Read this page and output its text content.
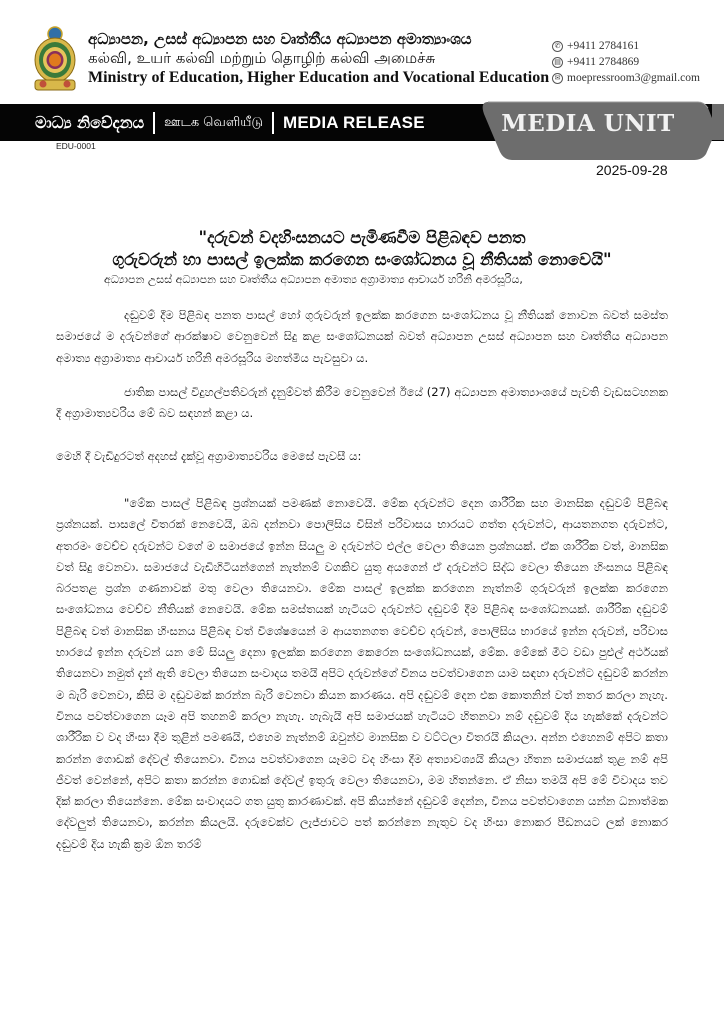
අධ්‍යාපන, උසස් අධ්‍යාපන සහ වෘත්තීය අධ්‍යාපන අමාත්‍යාංශය
கல்வி, உயர் கல்வி மற்றும் தொழிற் கல்வி அமைச்சு
Ministry of Education, Higher Education and Vocational Education
✆ +9411 2784161
▤ +9411 2784869
✉ moepressroom3@gmail.com
මාධ්‍ය නිවේදනය ஊடக வெளியீடு MEDIA RELEASE	MEDIA UNIT
EDU-0001
2025-09-28
"දරුවන් වදහිංසනයට පැමිණවීම පිළිබඳව පනත
ගුරුවරුන් හා පාසල් ඉලක්ක කරගෙන සංශෝධනය වූ නීතියක් නොවෙයි"
අධ්‍යාපන උසස් අධ්‍යාපන සහ වෘත්තීය අධ්‍යාපන අමාත්‍ය අග්‍රාමාත්‍ය ආචාර්ය හරිනි අමරසූරිය,
දඬුවම් දීම පිළිබඳ පනත පාසල් හෝ ගුරුවරුන් ඉලක්ක කරගෙන සංශෝධනය වූ නීතියක් නොවන බවත් සමස්ත සමාජයේ ම දරුවන්ගේ ආරක්ෂාව වෙනුවෙන් සිදු කළ සංශෝධනයක් බවත් අධ්‍යාපන උසස් අධ්‍යාපන සහ වෘත්තීය අධ්‍යාපන අමාත්‍ය අග්‍රාමාත්‍ය ආචාර්ය හරිනි අමරසූරිය මහත්මිය පැවසුවා ය.
ජාතික පාසල් විදුහල්පතිවරුන් දැනුම්වත් කිරීම වෙනුවෙන් ඊයේ (27) අධ්‍යාපන අමාත්‍යාංශයේ පැවති වැඩසටහනක දී අග්‍රාමාත්‍යවරිය මේ බව සඳහන් කළා ය.
මෙහි දී වැඩිදුරටත් අදහස් දැක්වූ අග්‍රාමාත්‍යවරිය මෙසේ පැවසී ය:
"මේක පාසල් පිළිබඳ ප්‍රශ්නයක් පමණක් නොවෙයි. මේක දරුවන්ට දෙන ශාරීරික සහ මානසික දඬුවම් පිළිබඳ ප්‍රශ්නයක්. පාසලේ විතරක් නෙවෙයි, ඔබ දන්නවා පොලිසිය විසින් පරිවාසය භාරයට ගත්ත දරුවන්ට, ආයතනගත දරුවන්ට, අතරමං වෙච්ච දරුවන්ට වගේ ම සමාජයේ ඉන්න සියලු ම දරුවන්ට එල්ල වෙලා තියෙන ප්‍රශ්නයක්. ඒක ශාරීරික වත්, මානසික වත් සිදු වෙනවා. සමාජයේ වැඩිහිටියන්ගෙන් නැත්නම් වගකිව යුතු අයගෙන් ඒ දරුවන්ට සිද්ධ වෙලා තියෙන හිංසනය පිළිබඳ බරපතළ ප්‍රශ්න ගණනාවක් මතු වෙලා තියෙනවා. මේක පාසල් ඉලක්ක කරගෙන නැත්නම් ගුරුවරුන් ඉලක්ක කරගෙන සංශෝධනය වෙච්ච නීතියක් නෙවෙයි. මේක සමස්තයක් හැටියට දරුවන්ට දඬුවම් දීම පිළිබඳ සංශෝධනයක්. ශාරීරික දඬුවම් පිළිබඳ වත් මානසික හිංසනය පිළිබඳ වත් විශේෂයෙන් ම ආයතනගත වෙච්ච දරුවන්, පොලිසිය භාරයේ ඉන්න දරුවන්, පරිවාස භාරයේ ඉන්න දරුවන් යන මේ සියලු දෙනා ඉලක්ක කරගෙන කෙරෙන සංශෝධනයක්, මේක. මේකේ මීට වඩා පුළුල් අර්ථයක් තියෙනවා නමුත් දැන් ඇති වෙලා තියෙන සංවාදය තමයි අපිට දරුවන්ගේ විනය පවත්වාගෙන යාම සඳහා දරුවන්ට දඬුවම් කරන්න ම බැරි වෙනවා, කිසි ම දඬුවමක් කරන්න බැරි වෙනවා කියන කාරණය. අපි දඬුවම් දෙන එක කොතනින් වත් නතර කරලා නැහැ. විනය පවත්වාගෙන යෑම අපි තහනම් කරලා නැහැ. හැබැයි අපි සමාජයක් හැටියට හිතනවා නම් දඬුවම් දිය හැක්කේ දරුවන්ට ශාරීරික ව වද හිංසා දීම තුළින් පමණයි, එහෙම නැත්නම් ඔවුන්ව මානසික ව වට්ටලා විතරයි කියලා. අන්න එහෙනම් අපිට කතා කරන්න ගොඩක් දේවල් තියෙනවා. විනය පවත්වාගෙන යෑමට වද හිංසා දීම අත්‍යාවශ්‍යයි කියලා හිතන සමාජයක් තුළ නම් අපි ජීවත් වෙන්නේ, අපිට කතා කරන්න ගොඩක් දේවල් ඉතුරු වෙලා තියෙනවා, මම හිතන්නෙ. ඒ නිසා තමයි අපි මේ විවාදය තව දික් කරලා තියෙන්නෙ. මේක සංවාදයට ගත යුතු කාරණාවක්. අපි කියන්නේ දඬුවම් දෙන්න, විනය පවත්වාගෙන යන්න ධනාත්මක දේවලුත් තියෙනවා, කරන්න කියලයි. දරුවෙක්ව ලැජ්ජාවට පත් කරන්නෙ නැතුව වද හිංසා නොකර පීඩනයට ලක් නොකර දඬුවම් දිය හැකි ක්‍රම ඕන තරම්
